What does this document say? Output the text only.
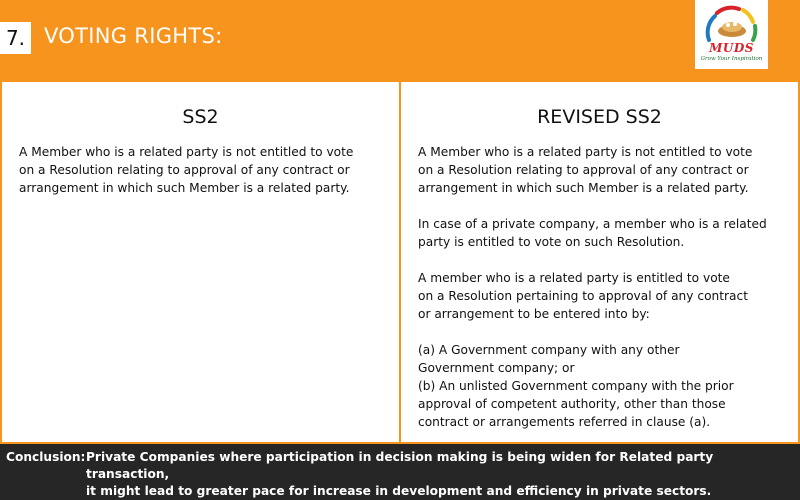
7. VOTING RIGHTS:	MUDS
Grow Your Inspiration
SS2

A Member who is a related party is not entitled to vote
on a Resolution relating to approval of any contract or
arrangement in which such Member is a related party.

REVISED SS2

A Member who is a related party is not entitled to vote
on a Resolution relating to approval of any contract or
arrangement in which such Member is a related party.

In case of a private company, a member who is a related
party is entitled to vote on such Resolution.

A member who is a related party is entitled to vote
on a Resolution pertaining to approval of any contract
or arrangement to be entered into by:

(a) A Government company with any other
Government company; or
(b) An unlisted Government company with the prior
approval of competent authority, other than those
contract or arrangements referred in clause (a).

Conclusion: Private Companies where participation in decision making is being widen for Related party transaction,
it might lead to greater pace for increase in development and efficiency in private sectors.
